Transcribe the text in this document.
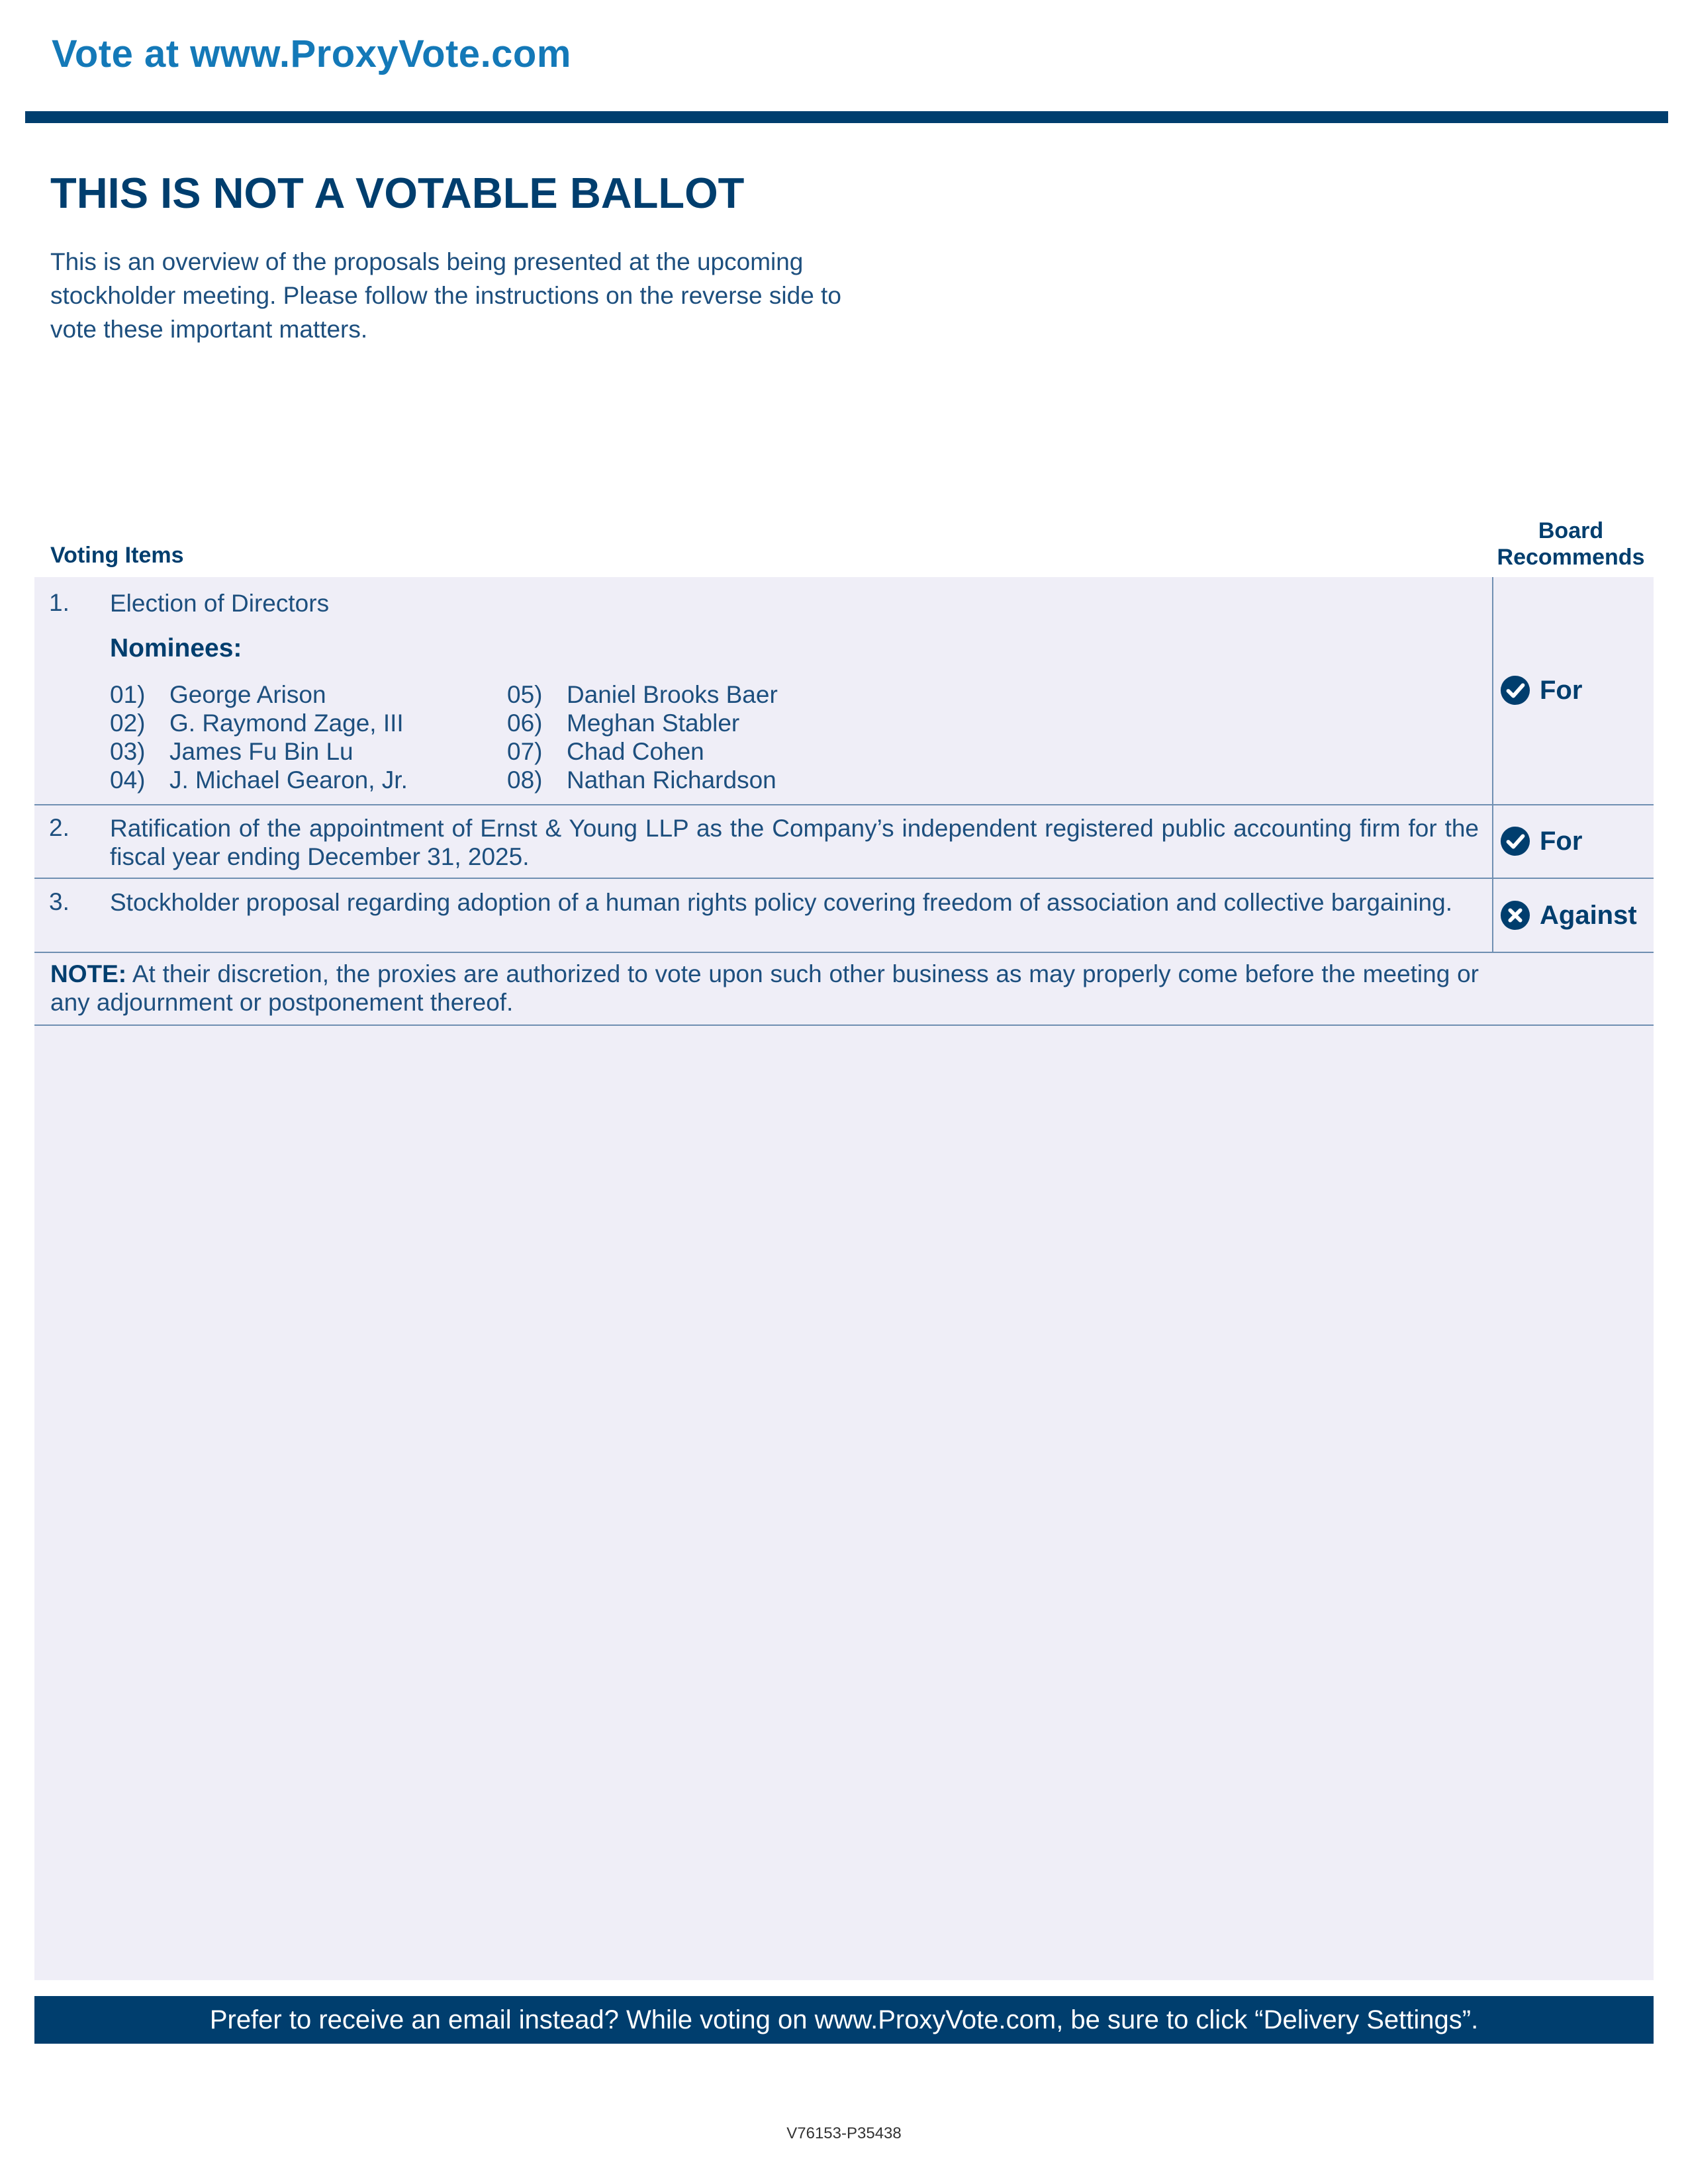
Vote at www.ProxyVote.com
THIS IS NOT A VOTABLE BALLOT
This is an overview of the proposals being presented at the upcoming stockholder meeting. Please follow the instructions on the reverse side to vote these important matters.
Voting Items
Board
Recommends
1. Election of Directors
Nominees:
01) George Arison
02) G. Raymond Zage, III
03) James Fu Bin Lu
04) J. Michael Gearon, Jr.
05) Daniel Brooks Baer
06) Meghan Stabler
07) Chad Cohen
08) Nathan Richardson
For
2. Ratification of the appointment of Ernst & Young LLP as the Company’s independent registered public accounting firm for the fiscal year ending December 31, 2025.
For
3. Stockholder proposal regarding adoption of a human rights policy covering freedom of association and collective bargaining.	Against
NOTE: At their discretion, the proxies are authorized to vote upon such other business as may properly come before the meeting or any adjournment or postponement thereof.
Prefer to receive an email instead? While voting on www.ProxyVote.com, be sure to click “Delivery Settings”.
V76153-P35438
